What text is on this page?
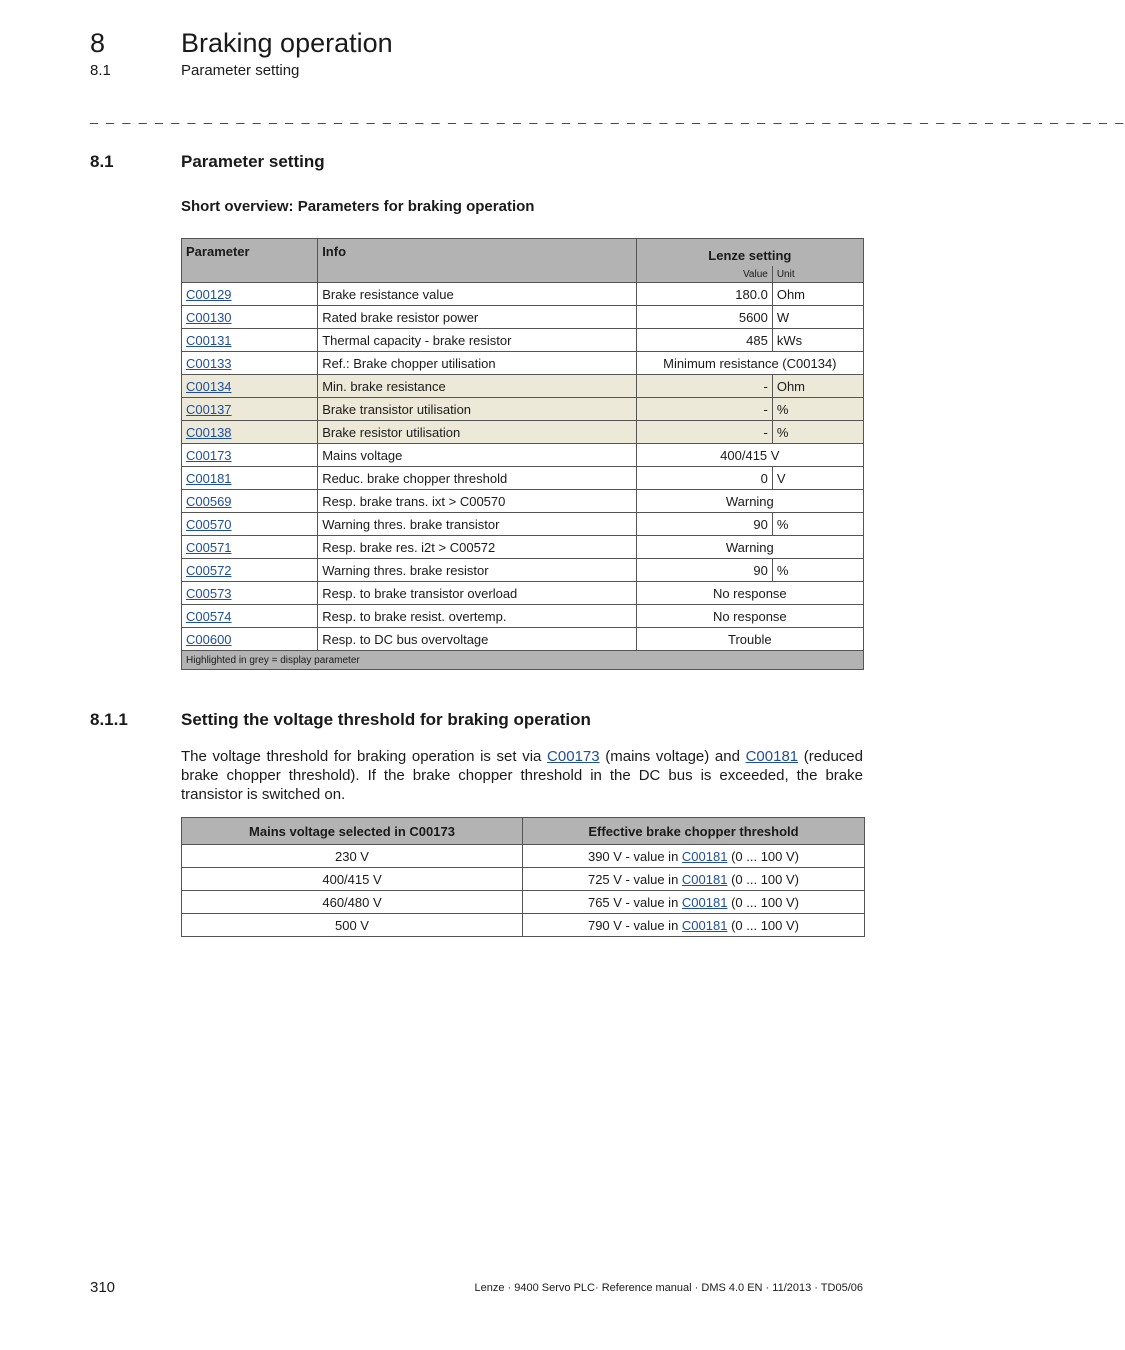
8	Braking operation
8.1	Parameter setting
_ _ _ _ _ _ _ _ _ _ _ _ _ _ _ _ _ _ _ _ _ _ _ _ _ _ _ _ _ _ _ _ _ _ _ _ _ _ _ _ _ _ _ _ _ _ _ _ _ _ _ _ _ _ _ _ _ _ _ _ _ _ _ _
8.1	Parameter setting
Short overview: Parameters for braking operation
Parameter	Info	Lenze setting	
		Value	Unit
C00129	Brake resistance value	180.0	Ohm
C00130	Rated brake resistor power	5600	W
C00131	Thermal capacity - brake resistor	485	kWs
C00133	Ref.: Brake chopper utilisation	Minimum resistance (C00134)	
C00134	Min. brake resistance	-	Ohm
C00137	Brake transistor utilisation	-	%
C00138	Brake resistor utilisation	-	%
C00173	Mains voltage	400/415 V	
C00181	Reduc. brake chopper threshold	0	V
C00569	Resp. brake trans. ixt > C00570	Warning	
C00570	Warning thres. brake transistor	90	%
C00571	Resp. brake res. i2t > C00572	Warning	
C00572	Warning thres. brake resistor	90	%
C00573	Resp. to brake transistor overload	No response	
C00574	Resp. to brake resist. overtemp.	No response	
C00600	Resp. to DC bus overvoltage	Trouble	
Highlighted in grey = display parameter			
8.1.1	Setting the voltage threshold for braking operation
The voltage threshold for braking operation is set via C00173 (mains voltage) and C00181 (reduced brake chopper threshold). If the brake chopper threshold in the DC bus is exceeded, the brake transistor is switched on.
Mains voltage selected in C00173	Effective brake chopper threshold
230 V	390 V - value in C00181 (0 ... 100 V)
400/415 V	725 V - value in C00181 (0 ... 100 V)
460/480 V	765 V - value in C00181 (0 ... 100 V)
500 V	790 V - value in C00181 (0 ... 100 V)
310	Lenze · 9400 Servo PLC· Reference manual · DMS 4.0 EN · 11/2013 · TD05/06
